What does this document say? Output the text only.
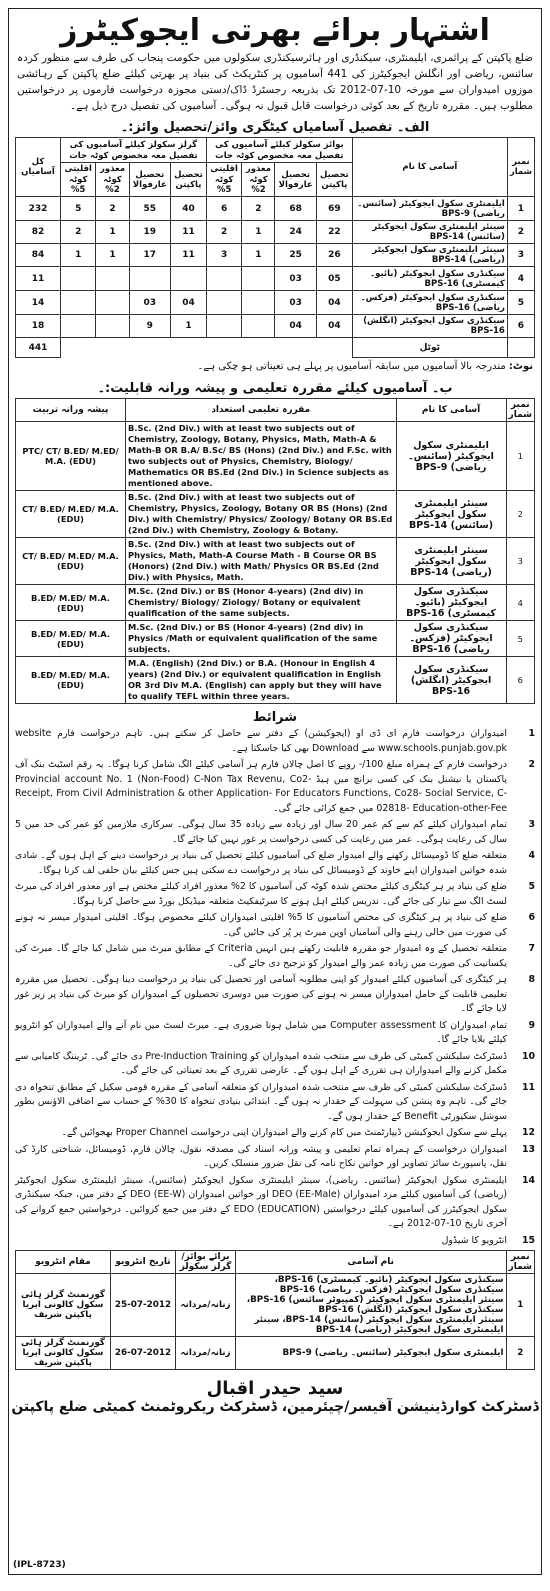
اشتہار برائے بھرتی ایجوکیٹرز
ضلع پاکپتن کے پرائمری، ایلیمنٹری، سیکنڈری اور ہائرسیکنڈری سکولوں میں حکومت پنجاب کی طرف سے منظور کردہ سائنس، ریاضی اور انگلش ایجوکیٹرز کی 441 آسامیوں پر کنٹریکٹ کی بنیاد پر بھرتی کیلئے ضلع پاکپتن کے رہائشی موزوں امیدواران سے مورخہ 10-07-2012 تک بذریعہ رجسٹرڈ ڈاک/دستی مجوزہ درخواست فارموں پر درخواستیں مطلوب ہیں۔ مقررہ تاریخ کے بعد کوئی درخواست قابل قبول نہ ہوگی۔ آسامیوں کی تفصیل درج ذیل ہے۔
الف۔ تفصیل آسامیاں کیٹگری وائز/تحصیل وائز:۔
نمبر شمار	آسامی کا نام	بوائز سکولز کیلئے آسامیوں کی تفصیل معہ مخصوص کوٹہ جات				گرلز سکولز کیلئے آسامیوں کی تفصیل معہ مخصوص کوٹہ جات				کل آسامیاں
		تحصیل پاکپتن	تحصیل عارفوالا	معذور کوٹہ 2%	اقلیتی کوٹہ 5%	تحصیل پاکپتن	تحصیل عارفوالا	معذور کوٹہ 2%	اقلیتی کوٹہ 5%	
1	ایلیمنٹری سکول ایجوکیٹر (سائنس۔ ریاضی) BPS-9	69	68	2	6	40	55	2	5	232
2	سینئر ایلیمنٹری سکول ایجوکیٹر (سائنس) BPS-14	22	24	1	2	11	19	1	2	82
3	سینئر ایلیمنٹری سکول ایجوکیٹر (ریاضی) BPS-14	26	25	1	3	11	17	1	1	84
4	سیکنڈری سکول ایجوکیٹر (بائیو۔ کیمسٹری) BPS-16	05	03							11
5	سیکنڈری سکول ایجوکیٹر (فزکس۔ ریاضی) BPS-16	04	03			04	03			14
6	سیکنڈری سکول ایجوکیٹر (انگلش) BPS-16	04	04			1	9			18
	ٹوٹل									441
نوٹ: مندرجہ بالا آسامیوں میں سابقہ آسامیوں پر پہلے ہی تعیناتی ہو چکی ہے۔
ب۔ آسامیوں کیلئے مقررہ تعلیمی و پیشہ ورانہ قابلیت:۔
نمبر شمار	آسامی کا نام	مقررہ تعلیمی استعداد	پیشہ ورانہ تربیت
1	ایلیمنٹری سکول ایجوکیٹر (سائنس۔ ریاضی) BPS-9	B.Sc. (2nd Div.) with at least two subjects out of Chemistry, Zoology, Botany, Physics, Math, Math-A & Math-B OR B.A/ B.Sc/ BS (Hons) (2nd Div.) and F.Sc. with two subjects out of Physics, Chemistry, Biology/ Mathematics OR BS.Ed (2nd Div.) in Science subjects as mentioned above.	PTC/ CT/ B.ED/ M.ED/ M.A. (EDU)
2	سینئر ایلیمنٹری سکول ایجوکیٹر (سائنس) BPS-14	B.Sc. (2nd Div.) with at least two subjects out of Chemistry, Physics, Zoology, Botany OR BS (Hons) (2nd Div.) with Chemistry/ Physics/ Zoology/ Botany OR BS.Ed (2nd Div.) with Chemistry, Zoology & Botany.	CT/ B.ED/ M.ED/ M.A. (EDU)
3	سینئر ایلیمنٹری سکول ایجوکیٹر (ریاضی) BPS-14	B.Sc. (2nd Div.) with at least two subjects out of Physics, Math, Math-A Course Math - B Course OR BS (Honors) (2nd Div.) with Math/ Physics OR BS.Ed (2nd Div.) with Physics, Math.	CT/ B.ED/ M.ED/ M.A. (EDU)
4	سیکنڈری سکول ایجوکیٹر (بائیو۔ کیمسٹری) BPS-16	M.Sc. (2nd Div.) or BS (Honor 4-years) (2nd div) in Chemistry/ Biology/ Ziology/ Botany or equivalent qualification of the same subjects.	B.ED/ M.ED/ M.A. (EDU)
5	سیکنڈری سکول ایجوکیٹر (فزکس۔ ریاضی) BPS-16	M.Sc. (2nd Div.) or BS (Honor 4-years) (2nd div) in Physics /Math or equivalent qualification of the same subjects.	B.ED/ M.ED/ M.A. (EDU)
6	سیکنڈری سکول ایجوکیٹر (انگلش) BPS-16	M.A. (English) (2nd Div.) or B.A. (Honour in English 4 years) (2nd Div.) or equivalent qualification in English OR 3rd Div M.A. (English) can apply but they will have to qualify TEFL within three years.	B.ED/ M.ED/ M.A. (EDU)
شرائط
1
امیدواران درخواست فارم ای ڈی او (ایجوکیشن) کے دفتر سے حاصل کر سکتے ہیں۔ تاہم درخواست فارم website www.schools.punjab.gov.pk سے Download بھی کیا جاسکتا ہے۔
2
درخواست فارم کے ہمراہ مبلغ 100/- روپے کا اصل چالان فارم ہر آسامی کیلئے الگ شامل کرنا ہوگا۔ یہ رقم اسٹیٹ بنک آف پاکستان یا نیشنل بنک کی کسی برانچ میں ہیڈ Provincial account No. 1 (Non-Food) C-Non Tax Revenu, Co2-Receipt, From Civil Administration & other Application- For Educators Functions, Co28- Social Service, C-02818- Education-other-Fee میں جمع کرائی جائے گی۔
3
تمام امیدواران کیلئے کم سے کم عمر 20 سال اور زیادہ سے زیادہ 35 سال ہوگی۔ سرکاری ملازمین کو عمر کی حد میں 5 سال کی رعایت ہوگی۔ عمر میں رعایت کی کسی درخواست پر غور نہیں کیا جائے گا۔
4
متعلقہ ضلع کا ڈومیسائل رکھنے والے امیدوار ضلع کی آسامیوں کیلئے تحصیل کی بنیاد پر درخواست دینے کے اہل ہوں گے۔ شادی شدہ خواتین امیدواران اپنے خاوند کے ڈومیسائل کی بنیاد پر درخواست دے سکتی ہیں جس کیلئے بیان حلفی لف کرنا ہوگا۔
5
ضلع کی بنیاد پر ہر کیٹگری کیلئے مختص شدہ کوٹہ کی آسامیوں کا 2% معذور افراد کیلئے مختص ہے اور معذور افراد کی میرٹ لسٹ الگ سے تیار کی جائے گی۔ تدریس کیلئے اہل ہونے کا سرٹیفکیٹ متعلقہ میڈیکل بورڈ سے حاصل کرنا ہوگا۔
6
ضلع کی بنیاد پر ہر کیٹگری کی مختص آسامیوں کا 5% اقلیتی امیدواران کیلئے مخصوص ہوگا۔ اقلیتی امیدوار میسر نہ ہونے کی صورت میں خالی رہنے والی آسامیاں اوپن میرٹ پر پُر کی جائیں گی۔
7
متعلقہ تحصیل کے وہ امیدوار جو مقررہ قابلیت رکھتے ہیں انہیں Criteria کے مطابق میرٹ میں شامل کیا جائے گا۔ میرٹ کی یکسانیت کی صورت میں زیادہ عمر والے امیدوار کو ترجیح دی جائے گی۔
8
ہر کیٹگری کی آسامیوں کیلئے امیدوار کو اپنی مطلوبہ آسامی اور تحصیل کی بنیاد پر درخواست دینا ہوگی۔ تحصیل میں مقررہ تعلیمی قابلیت کے حامل امیدواران میسر نہ ہونے کی صورت میں دوسری تحصیلوں کے امیدواران کو میرٹ کی بنیاد پر زیر غور لایا جائے گا۔
9
تمام امیدواران کا Computer assessment میں شامل ہونا ضروری ہے۔ میرٹ لسٹ میں نام آنے والے امیدواران کو انٹرویو کیلئے بلایا جائے گا۔
10
ڈسٹرکٹ سلیکشن کمیٹی کی طرف سے منتخب شدہ امیدواران کو Pre-Induction Training دی جائے گی۔ ٹریننگ کامیابی سے مکمل کرنے والے امیدواران ہی تقرری کے اہل ہوں گے۔ عارضی تقرری کے بعد تعیناتی کی جائے گی۔
11
ڈسٹرکٹ سلیکشن کمیٹی کی طرف سے منتخب شدہ امیدواران کو متعلقہ آسامی کے مقررہ قومی سکیل کے مطابق تنخواہ دی جائے گی۔ تاہم وہ پنشن کی سہولت کے حقدار نہ ہوں گے۔ ابتدائی بنیادی تنخواہ کا 30% کے حساب سے اضافی الاؤنس بطور سوشل سکیورٹی Benefit کے حقدار ہوں گے۔
12
پہلے سے سکول ایجوکیشن ڈیپارٹمنٹ میں کام کرنے والے امیدواران اپنی درخواست Proper Channel بھجوائیں گے۔
13
امیدواران درخواست کے ہمراہ تمام تعلیمی و پیشہ ورانہ اسناد کی مصدقہ نقول، چالان فارم، ڈومیسائل، شناختی کارڈ کی نقل، پاسپورٹ سائز تصاویر اور خواتین نکاح نامہ کی نقل ضرور منسلک کریں۔
14
ایلیمنٹری سکول ایجوکیٹر (سائنس۔ ریاضی)، سینئر ایلیمنٹری سکول ایجوکیٹر (سائنس)، سینئر ایلیمنٹری سکول ایجوکیٹر (ریاضی) کی آسامیوں کیلئے مرد امیدواران DEO (EE-Male) اور خواتین امیدواران DEO (EE-W) کے دفتر میں، جبکہ سیکنڈری سکول ایجوکیٹرز کی آسامیوں کیلئے درخواستیں EDO (EDUCATION) کے دفتر میں جمع کروائیں۔ درخواستیں جمع کروانے کی آخری تاریخ 10-07-2012 ہے۔
15
انٹرویو کا شیڈول
نمبر شمار	نام آسامی	برائے بوائز/گرلز سکولز	تاریخ انٹرویو	مقام انٹرویو
1	سیکنڈری سکول ایجوکیٹر (بائیو۔ کیمسٹری) BPS-16، سیکنڈری سکول ایجوکیٹر (فزکس۔ ریاضی) BPS-16
سینئر ایلیمنٹری سکول ایجوکیٹر (کمپیوٹر سائنس) BPS-16، سیکنڈری سکول ایجوکیٹر (انگلش) BPS-16
سینئر ایلیمنٹری سکول ایجوکیٹر (سائنس) BPS-14، سینئر ایلیمنٹری سکول ایجوکیٹر (ریاضی) BPS-14	زنانہ/مردانہ	25-07-2012	گورنمنٹ گرلز ہائی سکول کالونی ایریا پاکپتن شریف
2	ایلیمنٹری سکول ایجوکیٹر (سائنس۔ ریاضی) BPS-9	زنانہ/مردانہ	26-07-2012	گورنمنٹ گرلز ہائی سکول کالونی ایریا پاکپتن شریف
سید حیدر اقبال
ڈسٹرکٹ کوارڈینیشن آفیسر/چیئرمین، ڈسٹرکٹ ریکروٹمنٹ کمیٹی ضلع پاکپتن
(IPL-8723)
